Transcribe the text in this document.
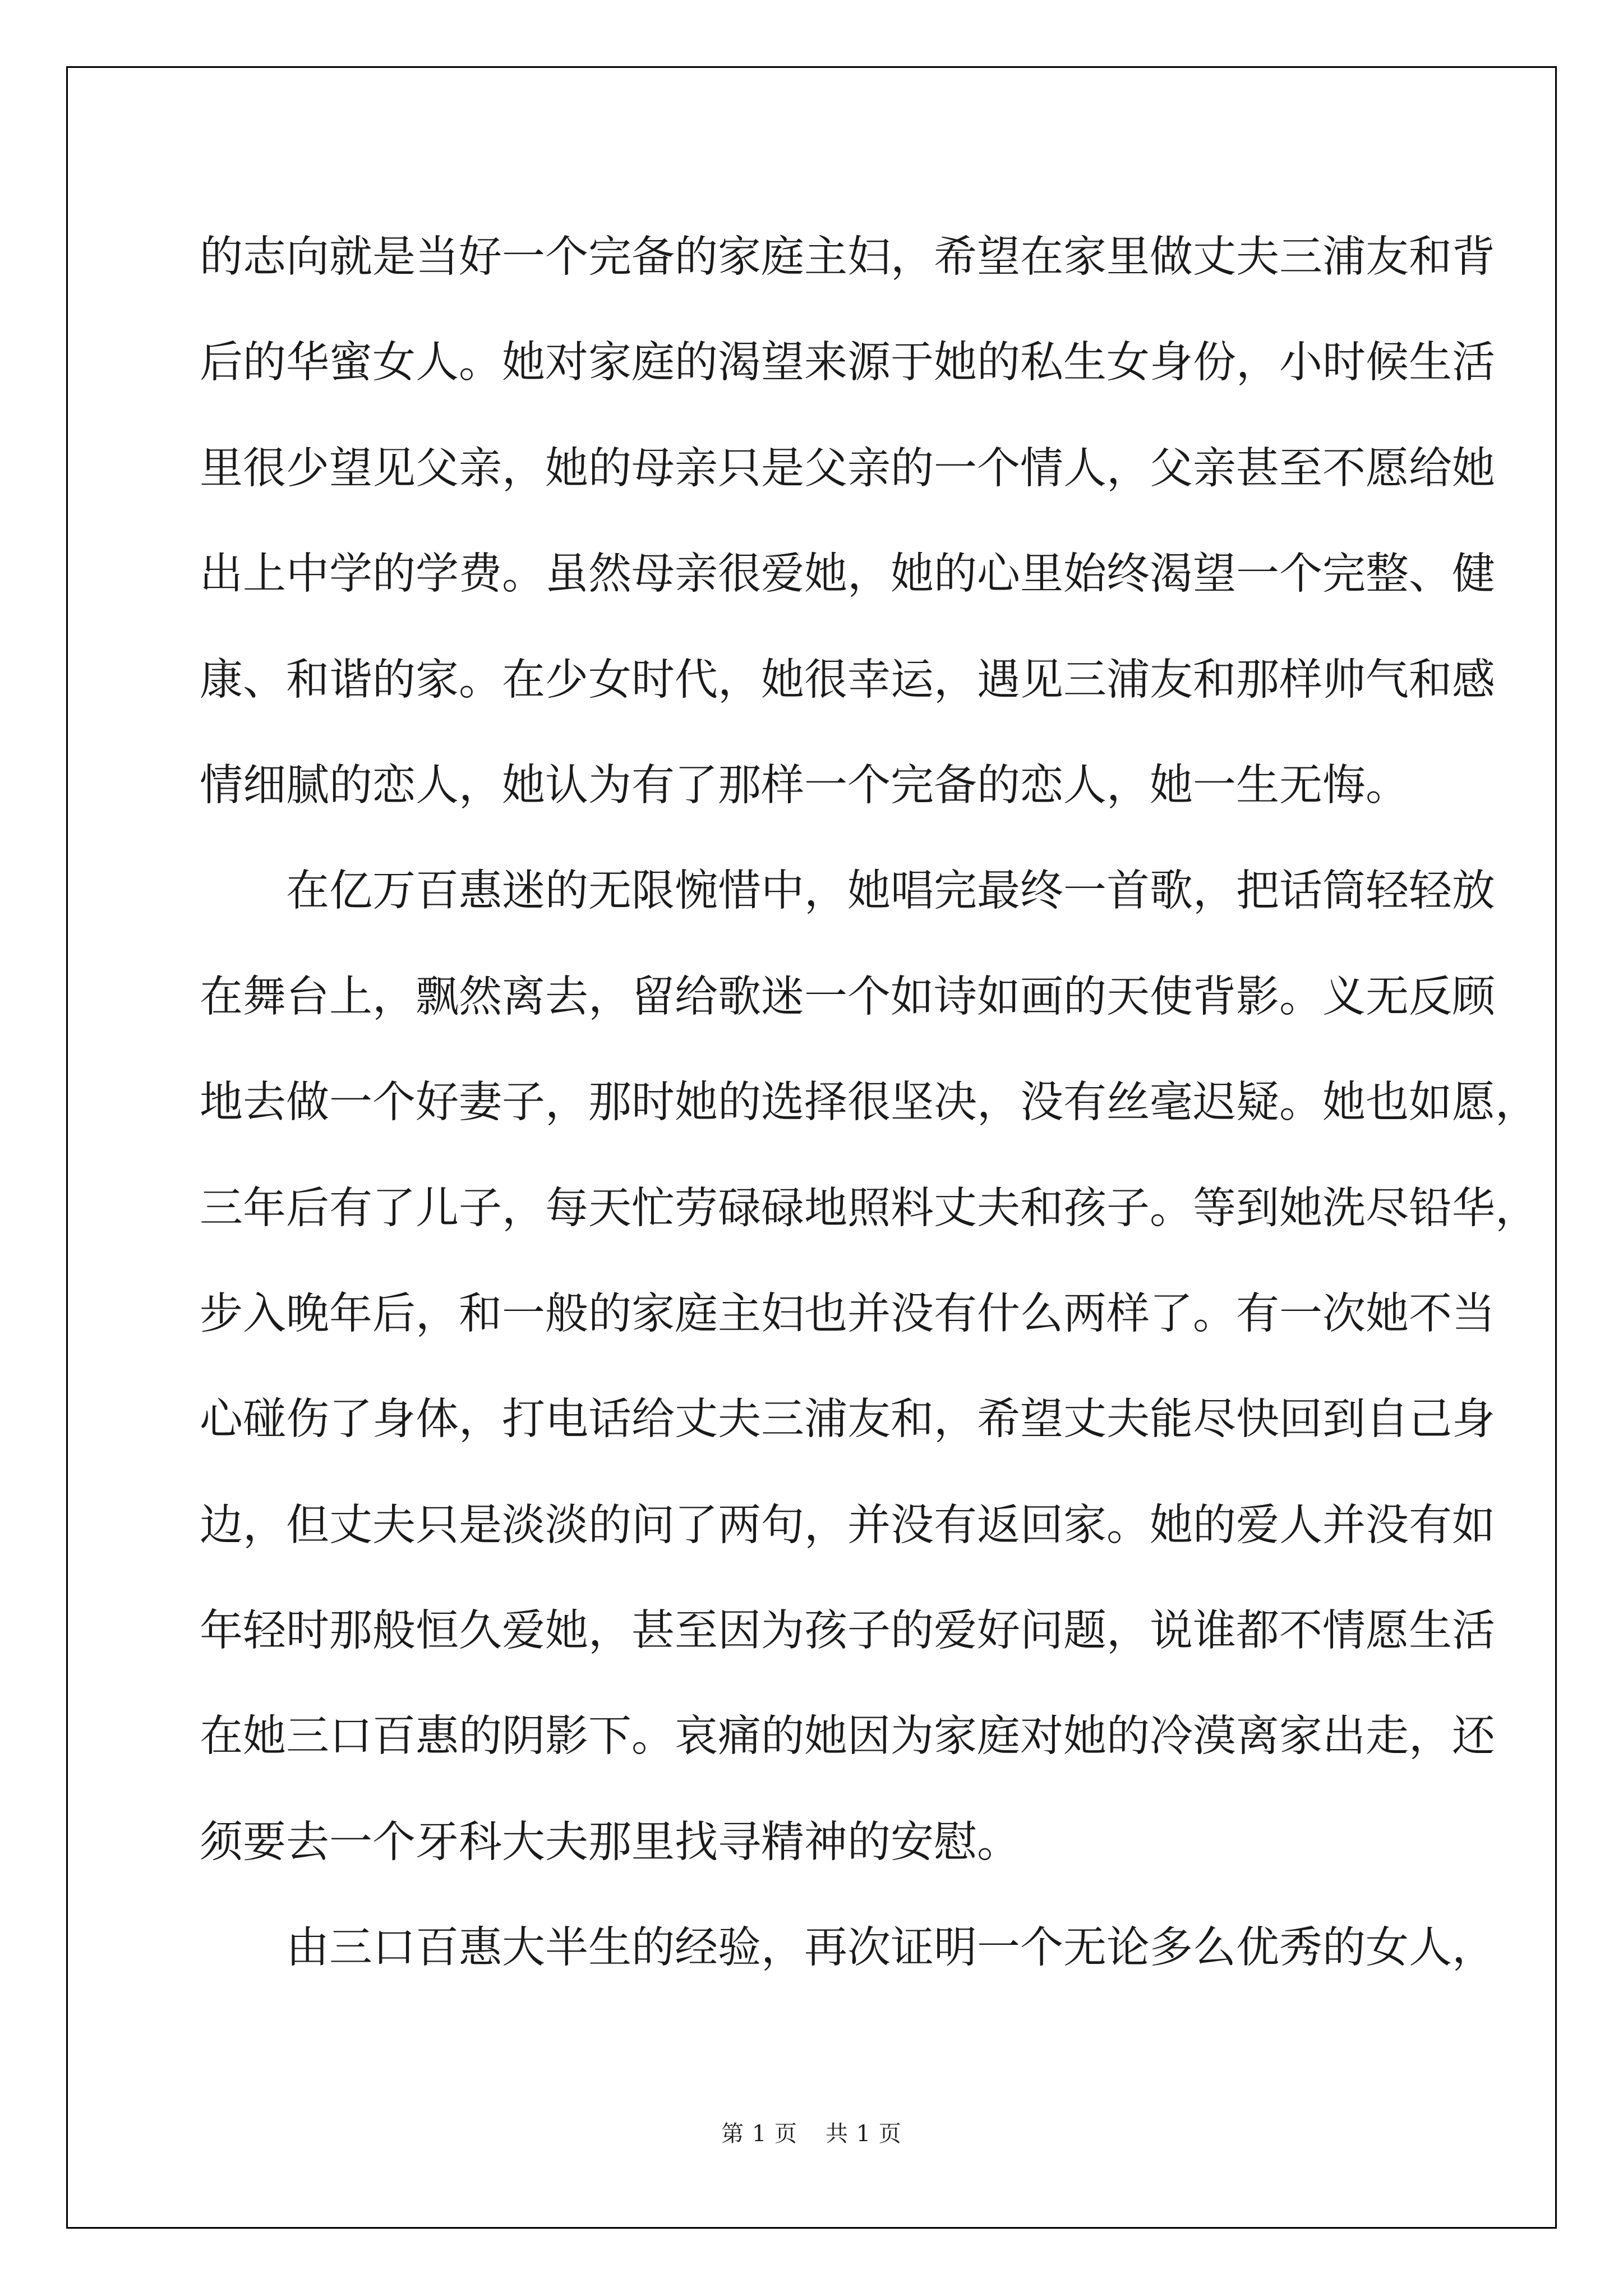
的志向就是当好一个完备的家庭主妇，希望在家里做丈夫三浦友和背
后的华蜜女人。她对家庭的渴望来源于她的私生女身份，小时候生活
里很少望见父亲，她的母亲只是父亲的一个情人，父亲甚至不愿给她
出上中学的学费。虽然母亲很爱她，她的心里始终渴望一个完整、健
康、和谐的家。在少女时代，她很幸运，遇见三浦友和那样帅气和感
情细腻的恋人，她认为有了那样一个完备的恋人，她一生无悔。
在亿万百惠迷的无限惋惜中，她唱完最终一首歌，把话筒轻轻放
在舞台上，飘然离去，留给歌迷一个如诗如画的天使背影。义无反顾
地去做一个好妻子，那时她的选择很坚决，没有丝毫迟疑。她也如愿，
三年后有了儿子，每天忙劳碌碌地照料丈夫和孩子。等到她洗尽铅华，
步入晚年后，和一般的家庭主妇也并没有什么两样了。有一次她不当
心碰伤了身体，打电话给丈夫三浦友和，希望丈夫能尽快回到自己身
边，但丈夫只是淡淡的问了两句，并没有返回家。她的爱人并没有如
年轻时那般恒久爱她，甚至因为孩子的爱好问题，说谁都不情愿生活
在她三口百惠的阴影下。哀痛的她因为家庭对她的冷漠离家出走，还
须要去一个牙科大夫那里找寻精神的安慰。
由三口百惠大半生的经验，再次证明一个无论多么优秀的女人，
第 1 页 共 1 页
